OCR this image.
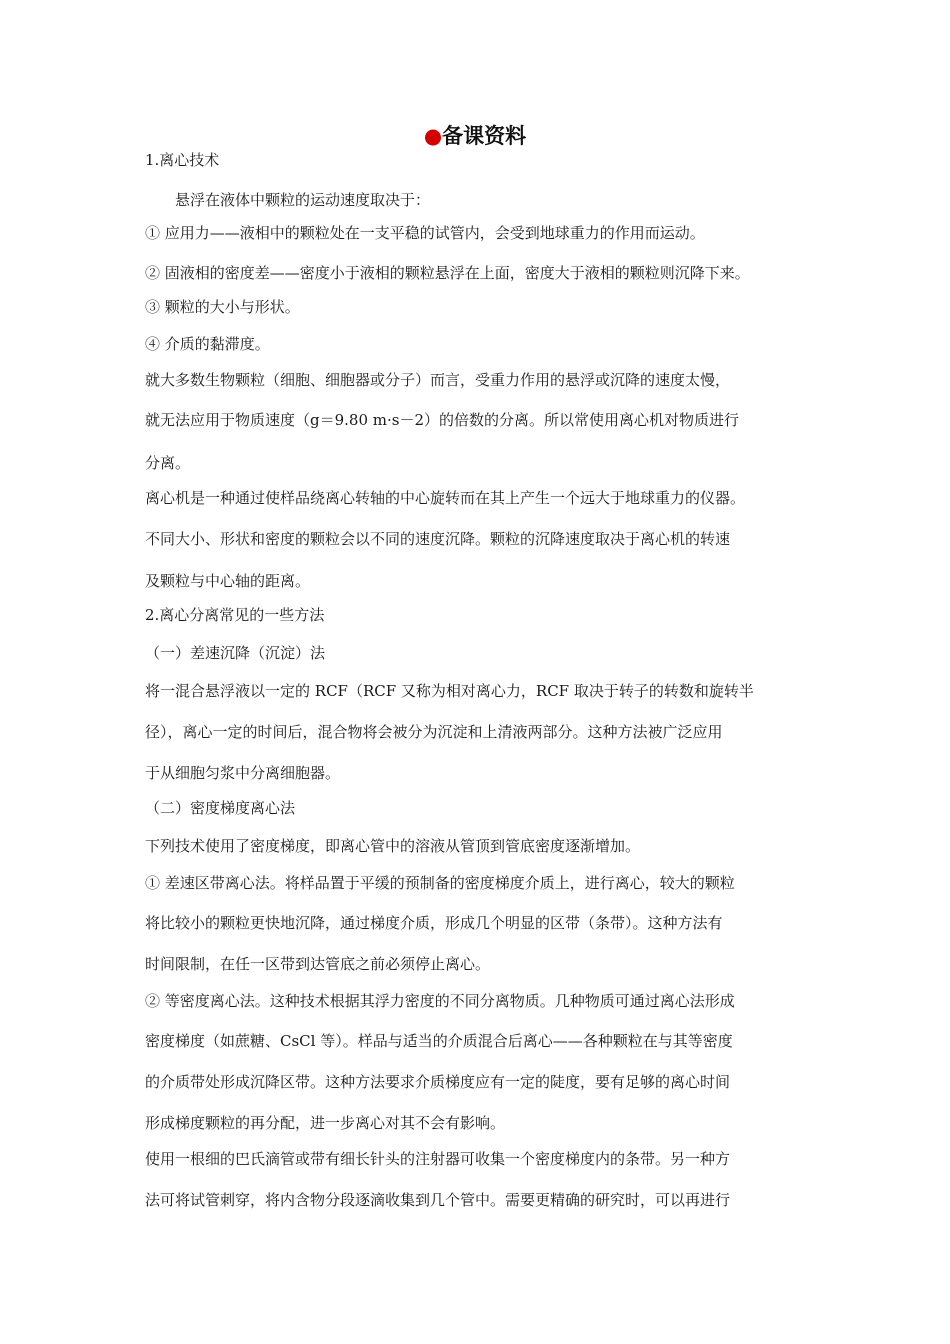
●备课资料
1.离心技术
悬浮在液体中颗粒的运动速度取决于：
① 应用力——液相中的颗粒处在一支平稳的试管内，会受到地球重力的作用而运动。
② 固液相的密度差——密度小于液相的颗粒悬浮在上面，密度大于液相的颗粒则沉降下来。
③ 颗粒的大小与形状。
④ 介质的黏滞度。
就大多数生物颗粒（细胞、细胞器或分子）而言，受重力作用的悬浮或沉降的速度太慢，
就无法应用于物质速度（g＝9.80 m·s－2）的倍数的分离。所以常使用离心机对物质进行
分离。
离心机是一种通过使样品绕离心转轴的中心旋转而在其上产生一个远大于地球重力的仪器。
不同大小、形状和密度的颗粒会以不同的速度沉降。颗粒的沉降速度取决于离心机的转速
及颗粒与中心轴的距离。
2.离心分离常见的一些方法
（一）差速沉降（沉淀）法
将一混合悬浮液以一定的 RCF（RCF 又称为相对离心力，RCF 取决于转子的转数和旋转半
径），离心一定的时间后，混合物将会被分为沉淀和上清液两部分。这种方法被广泛应用
于从细胞匀浆中分离细胞器。
（二）密度梯度离心法
下列技术使用了密度梯度，即离心管中的溶液从管顶到管底密度逐渐增加。
① 差速区带离心法。将样品置于平缓的预制备的密度梯度介质上，进行离心，较大的颗粒
将比较小的颗粒更快地沉降，通过梯度介质，形成几个明显的区带（条带）。这种方法有
时间限制，在任一区带到达管底之前必须停止离心。
② 等密度离心法。这种技术根据其浮力密度的不同分离物质。几种物质可通过离心法形成
密度梯度（如蔗糖、CsCl 等）。样品与适当的介质混合后离心——各种颗粒在与其等密度
的介质带处形成沉降区带。这种方法要求介质梯度应有一定的陡度，要有足够的离心时间
形成梯度颗粒的再分配，进一步离心对其不会有影响。
使用一根细的巴氏滴管或带有细长针头的注射器可收集一个密度梯度内的条带。另一种方
法可将试管刺穿，将内含物分段逐滴收集到几个管中。需要更精确的研究时，可以再进行
